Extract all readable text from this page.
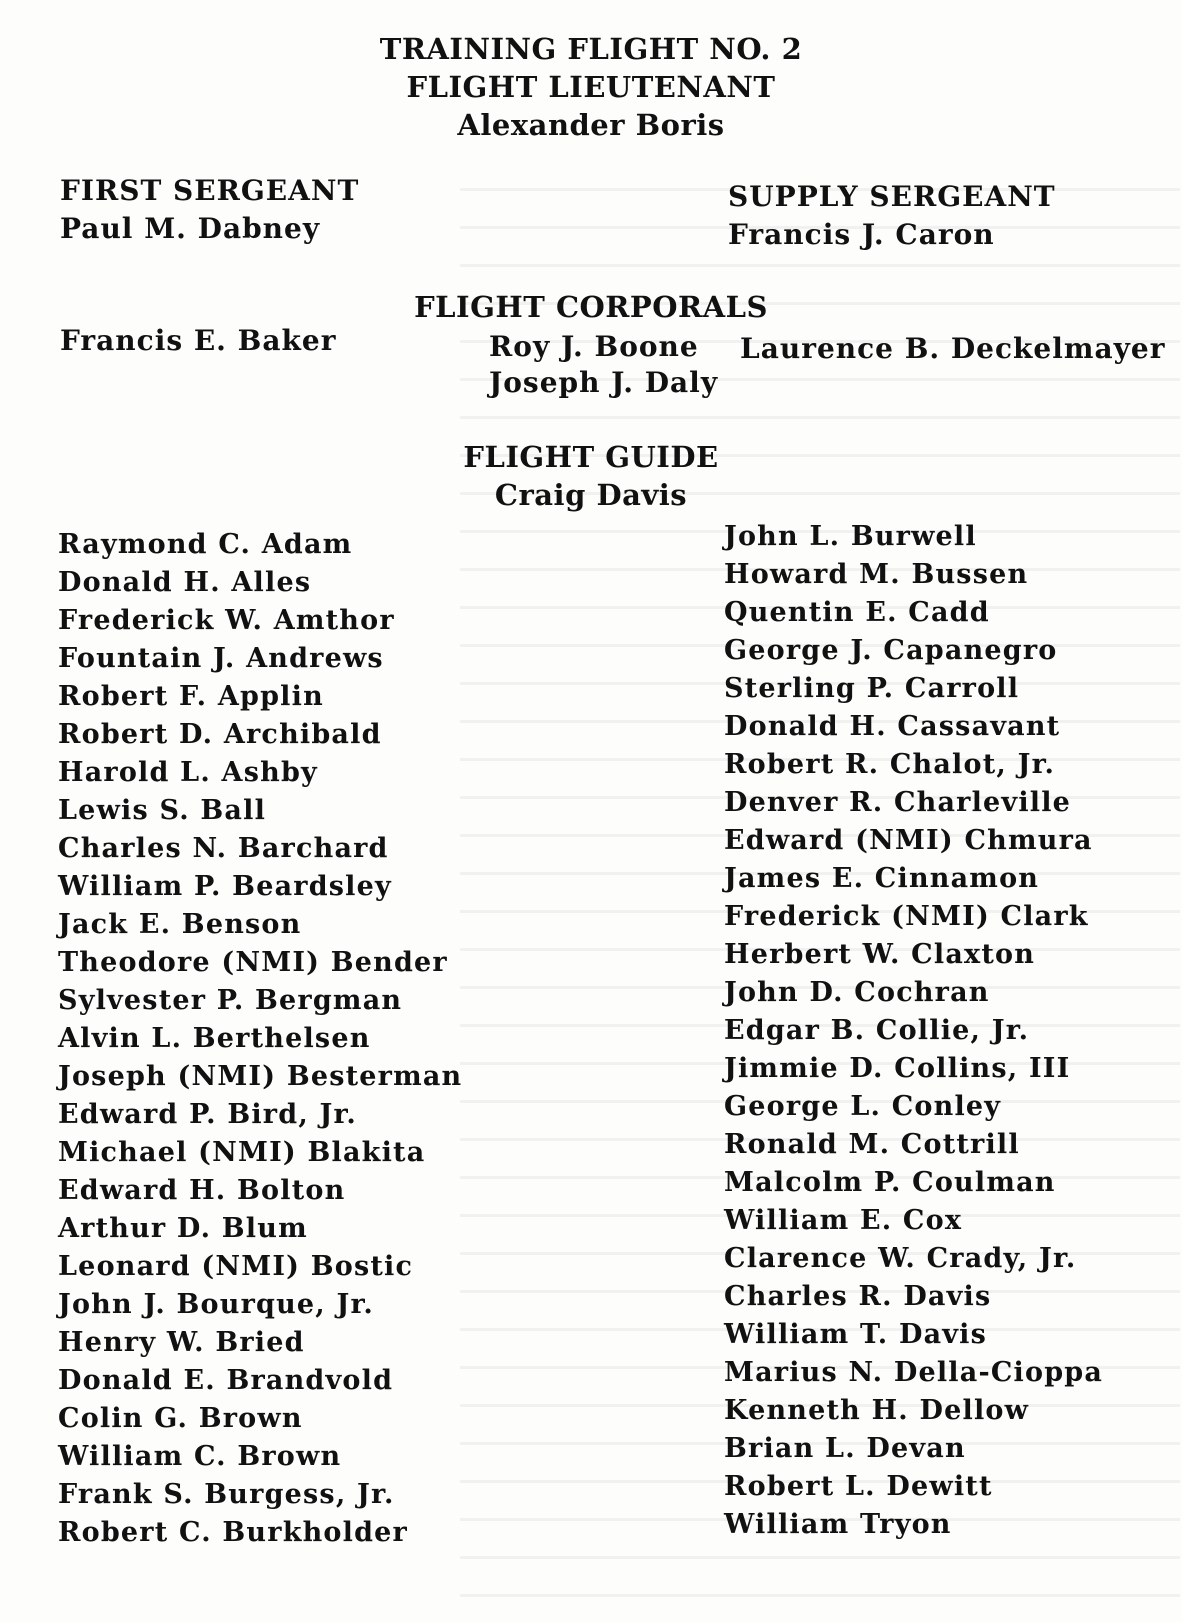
TRAINING FLIGHT NO. 2
FLIGHT LIEUTENANT
Alexander Boris
FIRST SERGEANT
Paul M. Dabney
SUPPLY SERGEANT
Francis J. Caron
FLIGHT CORPORALS
Francis E. Baker	Roy J. Boone Laurence B. Deckelmayer
Joseph J. Daly
FLIGHT GUIDE
Craig Davis
Raymond C. Adam
Donald H. Alles
Frederick W. Amthor
Fountain J. Andrews
Robert F. Applin
Robert D. Archibald
Harold L. Ashby
Lewis S. Ball
Charles N. Barchard
William P. Beardsley
Jack E. Benson
Theodore (NMI) Bender
Sylvester P. Bergman
Alvin L. Berthelsen
Joseph (NMI) Besterman
Edward P. Bird, Jr.
Michael (NMI) Blakita
Edward H. Bolton
Arthur D. Blum
Leonard (NMI) Bostic
John J. Bourque, Jr.
Henry W. Bried
Donald E. Brandvold
Colin G. Brown
William C. Brown
Frank S. Burgess, Jr.
Robert C. Burkholder
John L. Burwell
Howard M. Bussen
Quentin E. Cadd
George J. Capanegro
Sterling P. Carroll
Donald H. Cassavant
Robert R. Chalot, Jr.
Denver R. Charleville
Edward (NMI) Chmura
James E. Cinnamon
Frederick (NMI) Clark
Herbert W. Claxton
John D. Cochran
Edgar B. Collie, Jr.
Jimmie D. Collins, III
George L. Conley
Ronald M. Cottrill
Malcolm P. Coulman
William E. Cox
Clarence W. Crady, Jr.
Charles R. Davis
William T. Davis
Marius N. Della-Cioppa
Kenneth H. Dellow
Brian L. Devan
Robert L. Dewitt
William Tryon
